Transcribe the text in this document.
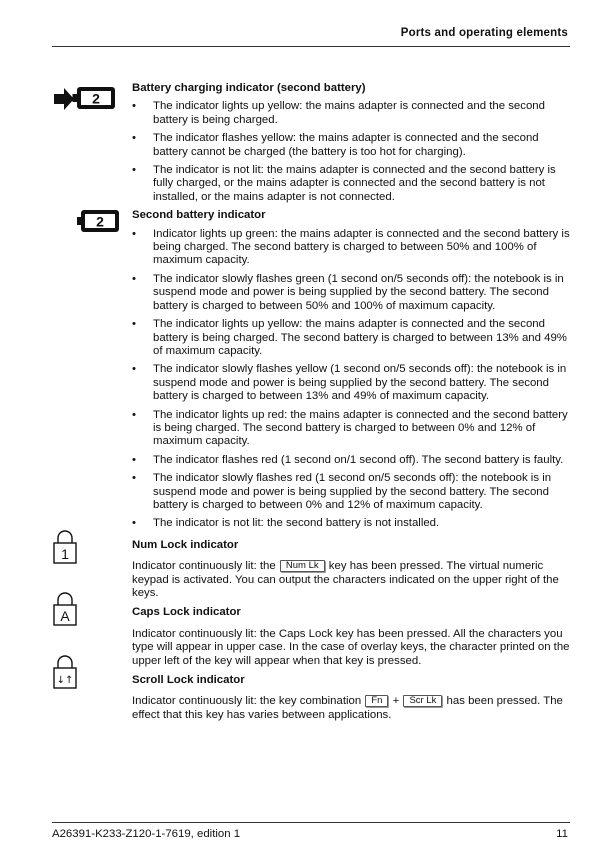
Ports and operating elements
2
2
1
A
↓↑
Battery charging indicator (second battery)
• The indicator lights up yellow: the mains adapter is connected and the second battery is being charged.
• The indicator flashes yellow: the mains adapter is connected and the second battery cannot be charged (the battery is too hot for charging).
• The indicator is not lit: the mains adapter is connected and the second battery is fully charged, or the mains adapter is connected and the second battery is not installed, or the mains adapter is not connected.
Second battery indicator
• Indicator lights up green: the mains adapter is connected and the second battery is being charged. The second battery is charged to between 50% and 100% of maximum capacity.
• The indicator slowly flashes green (1 second on/5 seconds off): the notebook is in suspend mode and power is being supplied by the second battery. The second battery is charged to between 50% and 100% of maximum capacity.
• The indicator lights up yellow: the mains adapter is connected and the second battery is being charged. The second battery is charged to between 13% and 49% of maximum capacity.
• The indicator slowly flashes yellow (1 second on/5 seconds off): the notebook is in suspend mode and power is being supplied by the second battery. The second battery is charged to between 13% and 49% of maximum capacity.
• The indicator lights up red: the mains adapter is connected and the second battery is being charged. The second battery is charged to between 0% and 12% of maximum capacity.
• The indicator flashes red (1 second on/1 second off). The second battery is faulty.
• The indicator slowly flashes red (1 second on/5 seconds off): the notebook is in suspend mode and power is being supplied by the second battery. The second battery is charged to between 0% and 12% of maximum capacity.
• The indicator is not lit: the second battery is not installed.
Num Lock indicator

Indicator continuously lit: the Num Lk key has been pressed. The virtual numeric keypad is activated. You can output the characters indicated on the upper right of the keys.

Caps Lock indicator

Indicator continuously lit: the Caps Lock key has been pressed. All the characters you type will appear in upper case. In the case of overlay keys, the character printed on the upper left of the key will appear when that key is pressed.

Scroll Lock indicator

Indicator continuously lit: the key combination Fn + Scr Lk has been pressed. The effect that this key has varies between applications.

A26391-K233-Z120-1-7619, edition 1	11
